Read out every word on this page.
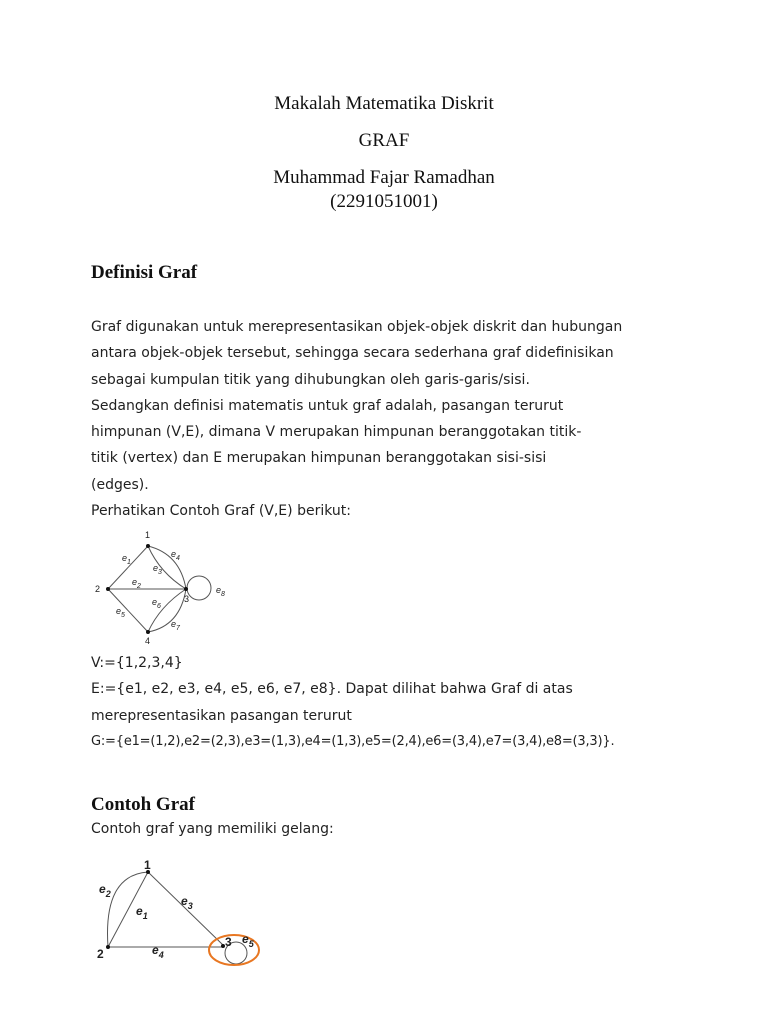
Makalah Matematika Diskrit
GRAF
Muhammad Fajar Ramadhan
(2291051001)
Definisi Graf
Graf digunakan untuk merepresentasikan objek-objek diskrit dan hubungan
antara objek-objek tersebut, sehingga secara sederhana graf didefinisikan
sebagai kumpulan titik yang dihubungkan oleh garis-garis/sisi.
Sedangkan definisi matematis untuk graf adalah, pasangan terurut
himpunan (V,E), dimana V merupakan himpunan beranggotakan titik-
titik (vertex) dan E merupakan himpunan beranggotakan sisi-sisi
(edges).
Perhatikan Contoh Graf (V,E) berikut:
1
2
3
4
$e_1$
$e_2$
$e_3$
$e_4$
$e_5$
$e_6$
$e_7$
$e_8$
V:={1,2,3,4}
E:={e1, e2, e3, e4, e5, e6, e7, e8}. Dapat dilihat bahwa Graf di atas
merepresentasikan pasangan terurut
G:={e1=(1,2),e2=(2,3),e3=(1,3),e4=(1,3),e5=(2,4),e6=(3,4),e7=(3,4),e8=(3,3)}.
Contoh Graf

Contoh graf yang memiliki gelang:

1
2
3
$e_1$
$e_2$	$e_3$
$e_4$
$e_5$
